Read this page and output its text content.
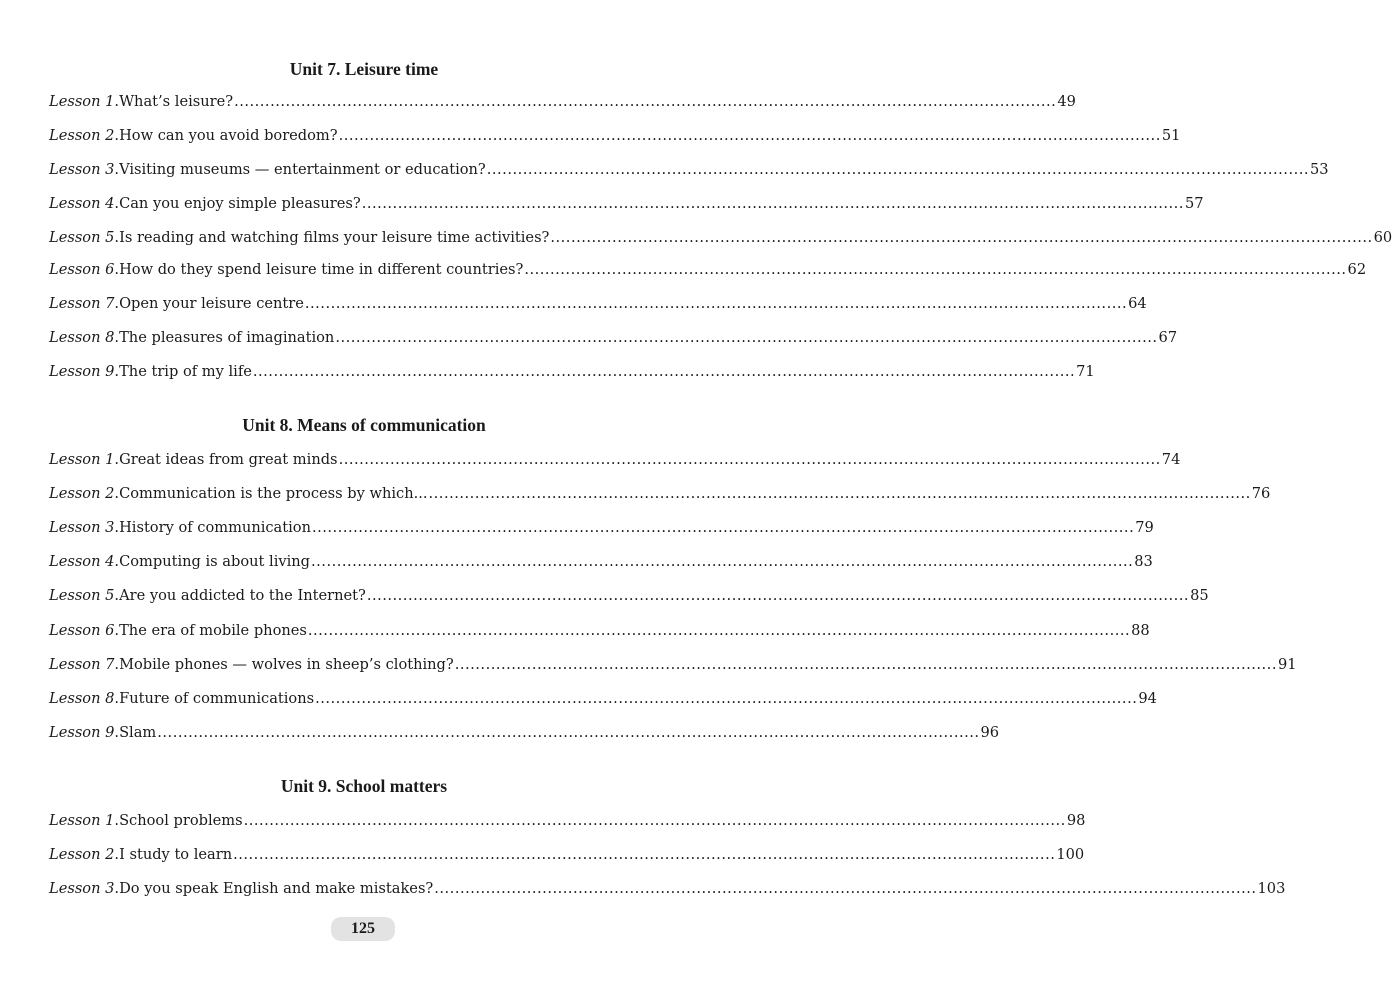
Unit 7. Leisure time
Lesson 1 . What’s leisure? ................................................................................................................................................................ 49
Lesson 2 . How can you avoid boredom? ................................................................................................................................................................ 51
Lesson 3 . Visiting museums — entertainment or education? ................................................................................................................................................................ 53
Lesson 4 . Can you enjoy simple pleasures? ................................................................................................................................................................ 57
Lesson 5 . Is reading and watching films your leisure time activities? ................................................................................................................................................................ 60
Lesson 6 . How do they spend leisure time in different countries? ................................................................................................................................................................ 62
Lesson 7 . Open your leisure centre ................................................................................................................................................................ 64
Lesson 8 . The pleasures of imagination ................................................................................................................................................................ 67
Lesson 9 . The trip of my life ................................................................................................................................................................ 71
Unit 8. Means of communication
Lesson 1 . Great ideas from great minds ................................................................................................................................................................ 74
Lesson 2 . Communication is the process by which... ................................................................................................................................................................ 76
Lesson 3 . History of communication ................................................................................................................................................................ 79
Lesson 4 . Computing is about living ................................................................................................................................................................ 83
Lesson 5 . Are you addicted to the Internet? ................................................................................................................................................................ 85
Lesson 6 . The era of mobile phones ................................................................................................................................................................ 88
Lesson 7 . Mobile phones — wolves in sheep’s clothing? ................................................................................................................................................................ 91
Lesson 8 . Future of communications ................................................................................................................................................................ 94
Lesson 9 . Slam ................................................................................................................................................................ 96
Unit 9. School matters
Lesson 1 . School problems ................................................................................................................................................................ 98
Lesson 2 . I study to learn ................................................................................................................................................................ 100
Lesson 3 . Do you speak English and make mistakes? ................................................................................................................................................................ 103
125
